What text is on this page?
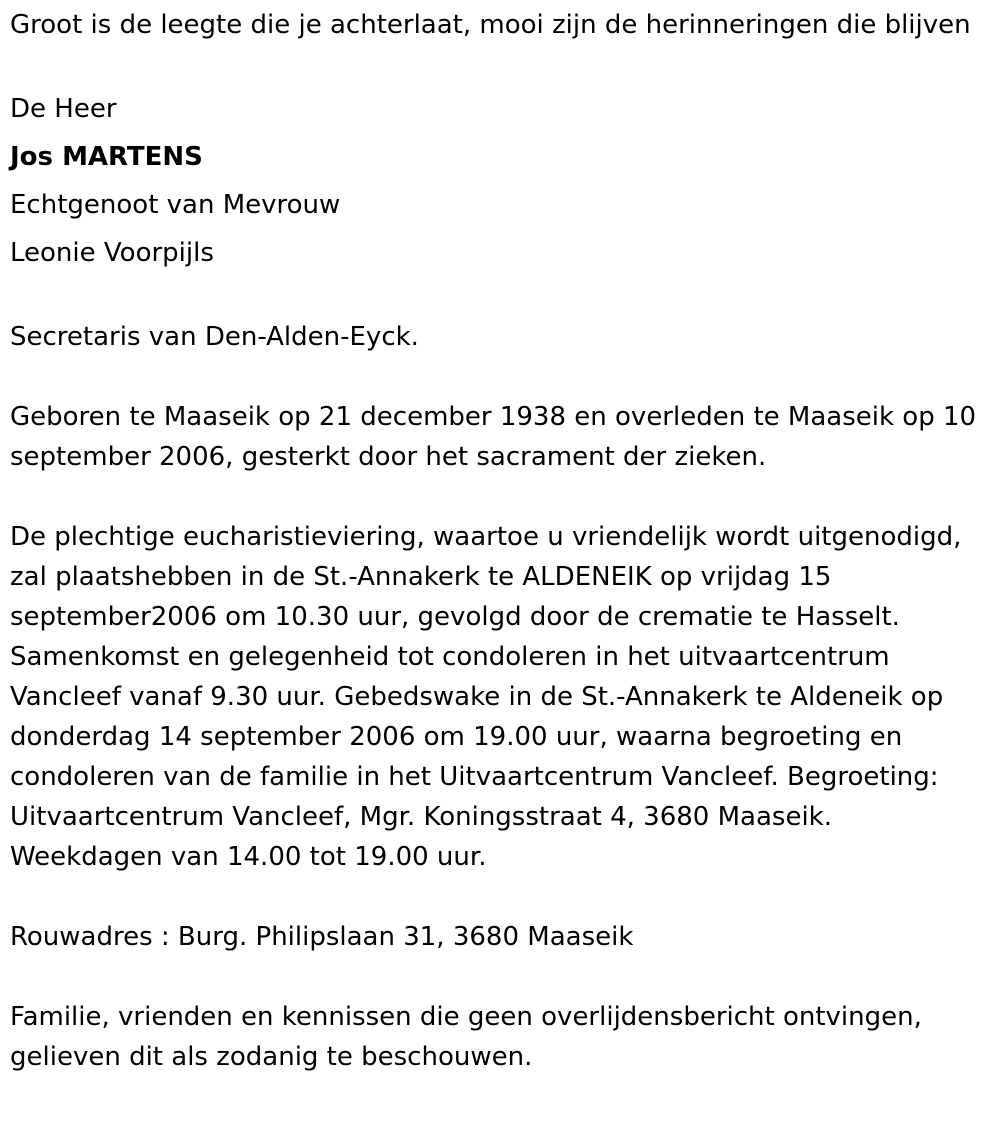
Groot is de leegte die je achterlaat, mooi zijn de herinneringen die blijven

De Heer
Jos MARTENS
Echtgenoot van Mevrouw
Leonie Voorpijls

Secretaris van Den-Alden-Eyck.

Geboren te Maaseik op 21 december 1938 en overleden te Maaseik op 10 september 2006, gesterkt door het sacrament der zieken.

De plechtige eucharistieviering, waartoe u vriendelijk wordt uitgenodigd, zal plaatshebben in de St.-Annakerk te ALDENEIK op vrijdag 15 september2006 om 10.30 uur, gevolgd door de crematie te Hasselt. Samenkomst en gelegenheid tot condoleren in het uitvaartcentrum Vancleef vanaf 9.30 uur. Gebedswake in de St.-Annakerk te Aldeneik op donderdag 14 september 2006 om 19.00 uur, waarna begroeting en condoleren van de familie in het Uitvaartcentrum Vancleef. Begroeting: Uitvaartcentrum Vancleef, Mgr. Koningsstraat 4, 3680 Maaseik. Weekdagen van 14.00 tot 19.00 uur.

Rouwadres : Burg. Philipslaan 31, 3680 Maaseik

Familie, vrienden en kennissen die geen overlijdensbericht ontvingen, gelieven dit als zodanig te beschouwen.
